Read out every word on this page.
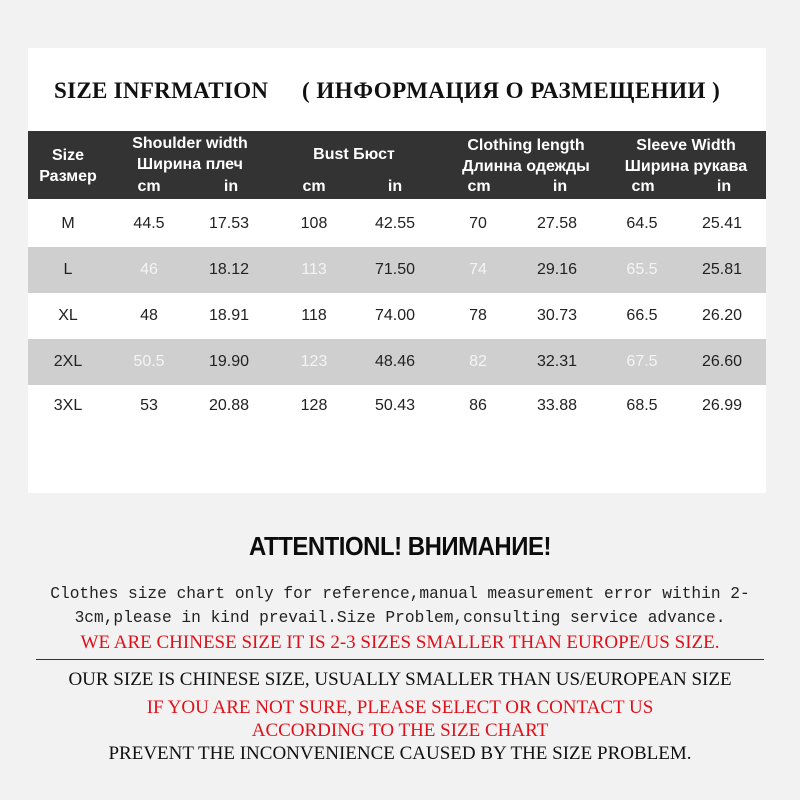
SIZE INFRMATION ( ИНФОРМАЦИЯ О РАЗМЕЩЕНИИ )
Size
Размер
Shoulder width
Ширина плеч
Bust Бюст
Clothing length
Длинна одежды
Sleeve Width
Ширина рукава
cm	in	cm	in	cm	in	cm	in
M	44.5	17.53	108	42.55	70	27.58	64.5	25.41
L	46	18.12	113	71.50	74	29.16	65.5	25.81
XL	48	18.91	118	74.00	78	30.73	66.5	26.20
2XL	50.5	19.90	123	48.46	82	32.31	67.5	26.60
3XL	53	20.88	128	50.43	86	33.88	68.5	26.99
ATTENTIONL! ВНИМАНИЕ!
Clothes size chart only for reference,manual measurement error within 2-
3cm,please in kind prevail.Size Problem,consulting service advance.
WE ARE CHINESE SIZE IT IS 2-3 SIZES SMALLER THAN EUROPE/US SIZE.
OUR SIZE IS CHINESE SIZE, USUALLY SMALLER THAN US/EUROPEAN SIZE
IF YOU ARE NOT SURE, PLEASE SELECT OR CONTACT US
ACCORDING TO THE SIZE CHART
PREVENT THE INCONVENIENCE CAUSED BY THE SIZE PROBLEM.
